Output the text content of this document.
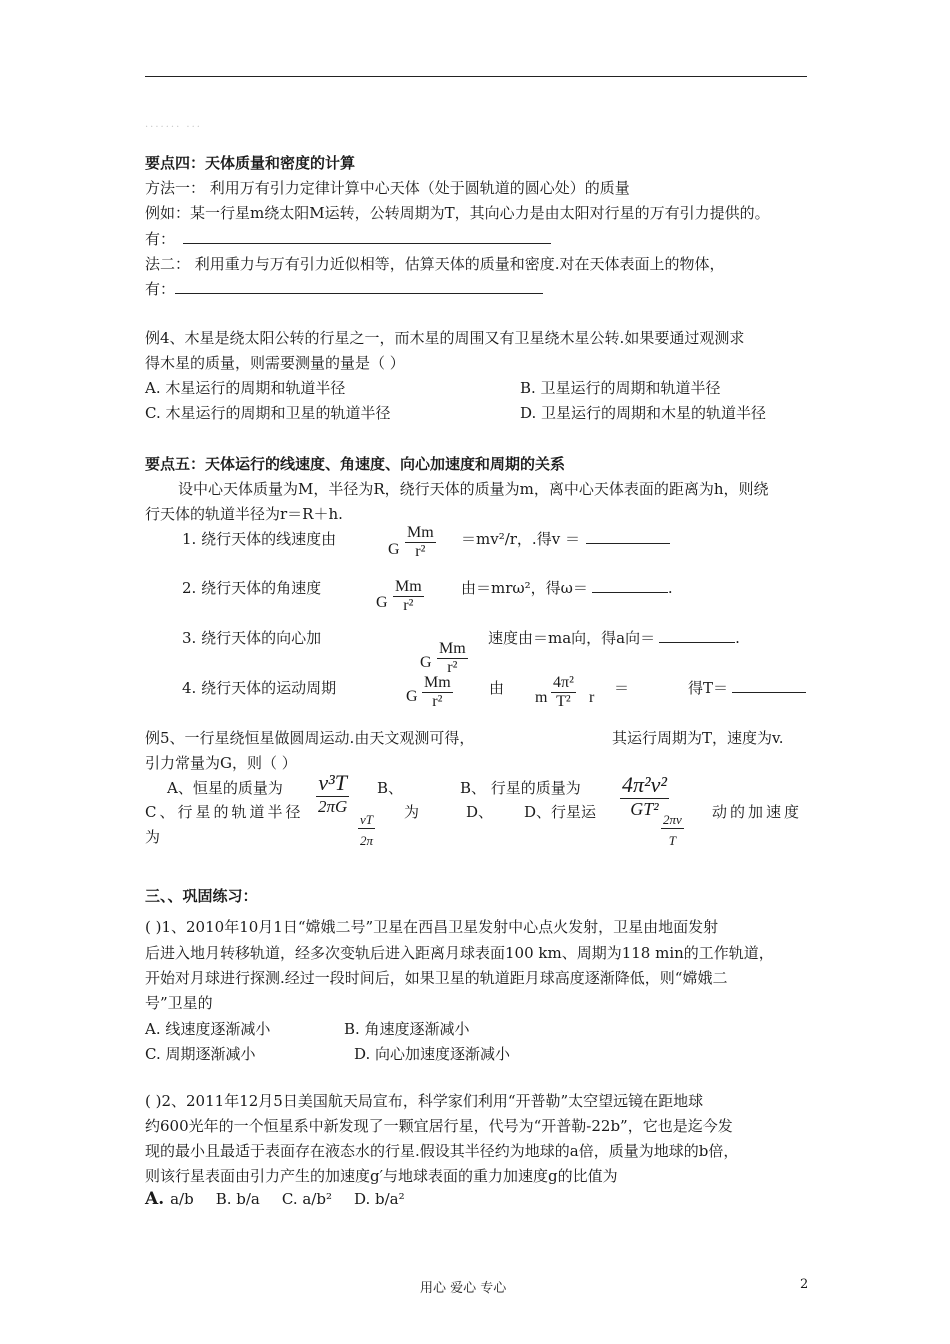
······· ···
要点四：天体质量和密度的计算
方法一： 利用万有引力定律计算中心天体（处于圆轨道的圆心处）的质量
例如：某一行星m绕太阳M运转，公转周期为T，其向心力是由太阳对行星的万有引力提供的。
有：
法二： 利用重力与万有引力近似相等，估算天体的质量和密度.对在天体表面上的物体，
有：
例4、木星是绕太阳公转的行星之一，而木星的周围又有卫星绕木星公转.如果要通过观测求
得木星的质量，则需要测量的量是（ ）
A. 木星运行的周期和轨道半径	B. 卫星运行的周期和轨道半径
C. 木星运行的周期和卫星的轨道半径	D. 卫星运行的周期和木星的轨道半径
要点五：天体运行的线速度、角速度、向心加速度和周期的关系
设中心天体质量为M，半径为R，绕行天体的质量为m，离中心天体表面的距离为h，则绕
行天体的轨道半径为r＝R＋h.
1. 绕行天体的线速度由
G $\frac{Mm}{\text{r²}} =mv^2/r$，.得v ＝
2. 绕行天体的角速度
G $\frac{Mm}{\text{r²}}$ 由＝mrω²，得ω＝	.
3. 绕行天体的向心加	速度由＝ma向，得a向＝	.
G $\frac{Mm}{\text{r²}}$
4. 绕行天体的运动周期	G $\frac{Mm}{\text{r²}}$ 由
m $\frac{\text{4π²}}{\text{T²}}$ r
＝	得T＝
例5、一行星绕恒星做圆周运动.由天文观测可得，	其运行周期为T，速度为v.
引力常量为G，则（ ）
A、恒星的质量为 v³T
2πG
B、	B、 行星的质量为 4π²v²
GT²
C、行星的轨道半径	为	D、 D、行星运	动的加速度
为	$\frac{vT}{2\pi}$	$\frac{2\pi v}{T}$
三、、巩固练习：
( )1、2010年10月1日“嫦娥二号”卫星在西昌卫星发射中心点火发射，卫星由地面发射
后进入地月转移轨道，经多次变轨后进入距离月球表面100 km、周期为118 min的工作轨道，
开始对月球进行探测.经过一段时间后，如果卫星的轨道距月球高度逐渐降低，则“嫦娥二
号”卫星的
A. 线速度逐渐减小	B. 角速度逐渐减小
C. 周期逐渐减小	D. 向心加速度逐渐减小
( )2、2011年12月5日美国航天局宣布，科学家们利用“开普勒”太空望远镜在距地球
约600光年的一个恒星系中新发现了一颗宜居行星，代号为“开普勒-22b”，它也是迄今发
现的最小且最适于表面存在液态水的行星.假设其半径约为地球的a倍，质量为地球的b倍，
则该行星表面由引力产生的加速度g′与地球表面的重力加速度g的比值为
A. a/b B. b/a C. a/b² D. b/a²
用心 爱心 专心	2
